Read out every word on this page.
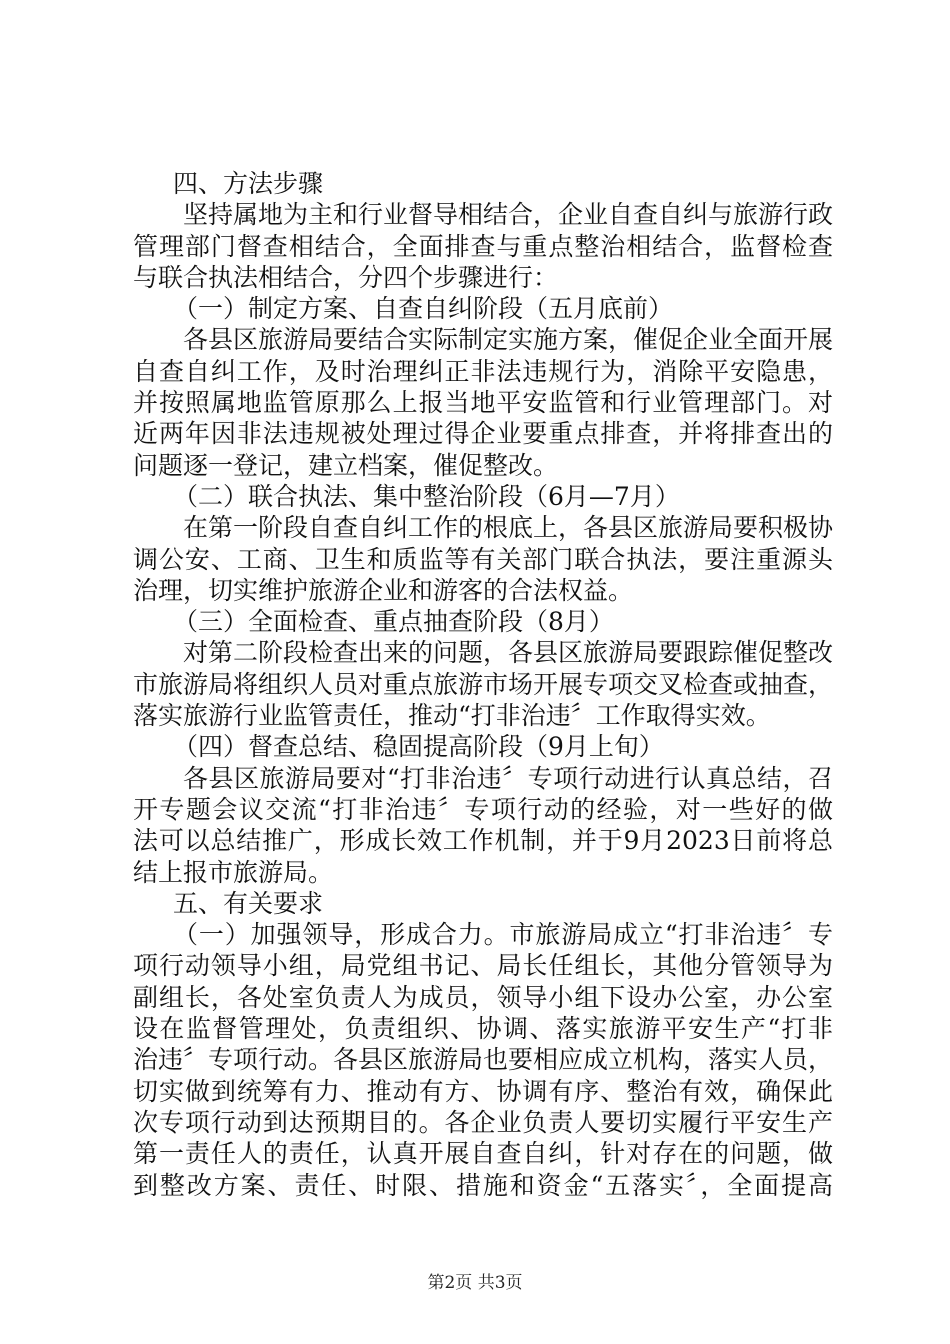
四、方法步骤
坚持属地为主和行业督导相结合，企业自查自纠与旅游行政
管理部门督查相结合，全面排查与重点整治相结合，监督检查
与联合执法相结合，分四个步骤进行：
（一）制定方案、自查自纠阶段（五月底前）
各县区旅游局要结合实际制定实施方案，催促企业全面开展
自查自纠工作，及时治理纠正非法违规行为，消除平安隐患，
并按照属地监管原那么上报当地平安监管和行业管理部门。对
近两年因非法违规被处理过得企业要重点排查，并将排查出的
问题逐一登记，建立档案，催促整改。
（二）联合执法、集中整治阶段（6月—7月）
在第一阶段自查自纠工作的根底上，各县区旅游局要积极协
调公安、工商、卫生和质监等有关部门联合执法，要注重源头
治理，切实维护旅游企业和游客的合法权益。
（三）全面检查、重点抽查阶段（8月）
对第二阶段检查出来的问题，各县区旅游局要跟踪催促整改
市旅游局将组织人员对重点旅游市场开展专项交叉检查或抽查，
落实旅游行业监管责任，推动“打非治违〞工作取得实效。
（四）督查总结、稳固提高阶段（9月上旬）
各县区旅游局要对“打非治违〞专项行动进行认真总结，召
开专题会议交流“打非治违〞专项行动的经验，对一些好的做
法可以总结推广，形成长效工作机制，并于9月2023日前将总
结上报市旅游局。
五、有关要求
（一）加强领导，形成合力。市旅游局成立“打非治违〞专
项行动领导小组，局党组书记、局长任组长，其他分管领导为
副组长，各处室负责人为成员，领导小组下设办公室，办公室
设在监督管理处，负责组织、协调、落实旅游平安生产“打非
治违〞专项行动。各县区旅游局也要相应成立机构，落实人员，
切实做到统筹有力、推动有方、协调有序、整治有效，确保此
次专项行动到达预期目的。各企业负责人要切实履行平安生产
第一责任人的责任，认真开展自查自纠，针对存在的问题，做
到整改方案、责任、时限、措施和资金“五落实〞，全面提高
第2页 共3页
